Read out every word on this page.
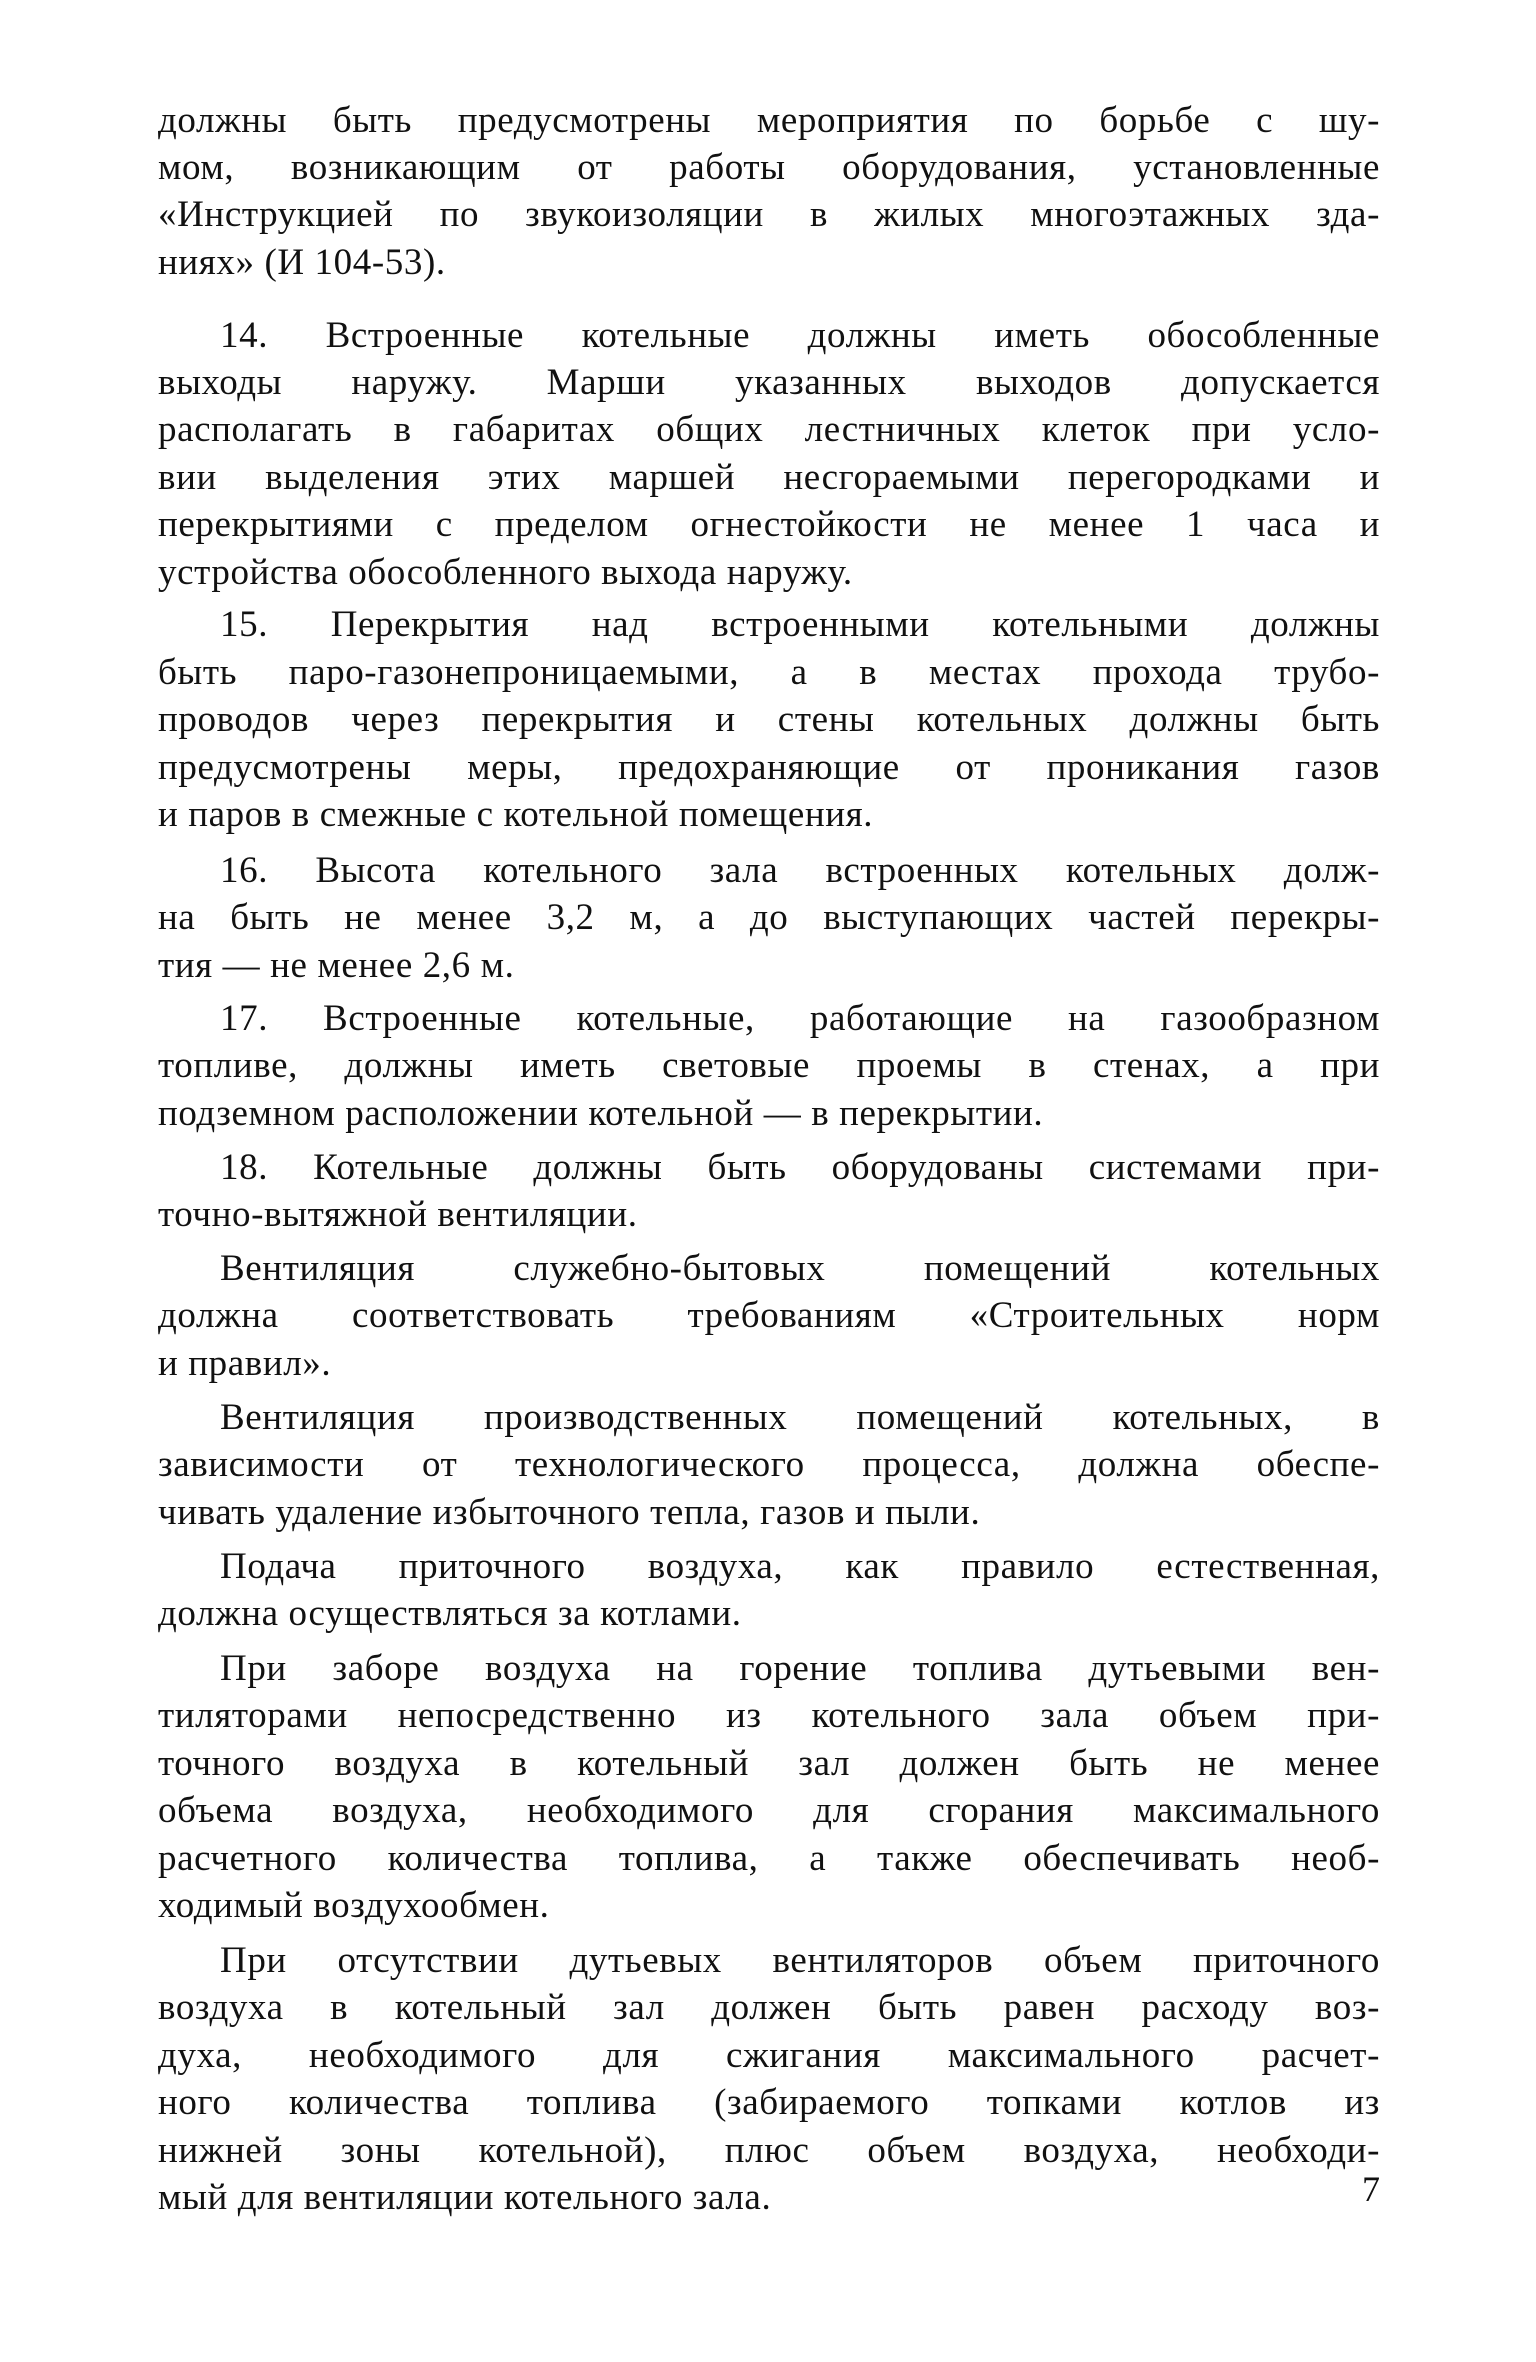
должны быть предусмотрены мероприятия по борьбе с шу-

мом, возникающим от работы оборудования, установленные

«Инструкцией по звукоизоляции в жилых многоэтажных зда-

ниях» (И 104-53).

14. Встроенные котельные должны иметь обособленные

выходы наружу. Марши указанных выходов допускается

располагать в габаритах общих лестничных клеток при усло-

вии выделения этих маршей несгораемыми перегородками и

перекрытиями с пределом огнестойкости не менее 1 часа и

устройства обособленного выхода наружу.

15. Перекрытия над встроенными котельными должны

быть паро-газонепроницаемыми, а в местах прохода трубо-

проводов через перекрытия и стены котельных должны быть

предусмотрены меры, предохраняющие от проникания газов

и паров в смежные с котельной помещения.

16. Высота котельного зала встроенных котельных долж-

на быть не менее 3,2 м, а до выступающих частей перекры-

тия — не менее 2,6 м.

17. Встроенные котельные, работающие на газообразном

топливе, должны иметь световые проемы в стенах, а при

подземном расположении котельной — в перекрытии.

18. Котельные должны быть оборудованы системами при-

точно-вытяжной вентиляции.

Вентиляция служебно-бытовых помещений котельных

должна соответствовать требованиям «Строительных норм

и правил».

Вентиляция производственных помещений котельных, в

зависимости от технологического процесса, должна обеспе-

чивать удаление избыточного тепла, газов и пыли.

Подача приточного воздуха, как правило естественная,

должна осуществляться за котлами.

При заборе воздуха на горение топлива дутьевыми вен-

тиляторами непосредственно из котельного зала объем при-

точного воздуха в котельный зал должен быть не менее

объема воздуха, необходимого для сгорания максимального

расчетного количества топлива, а также обеспечивать необ-

ходимый воздухообмен.

При отсутствии дутьевых вентиляторов объем приточного

воздуха в котельный зал должен быть равен расходу воз-

духа, необходимого для сжигания максимального расчет-

ного количества топлива (забираемого топками котлов из

нижней зоны котельной), плюс объем воздуха, необходи-

мый для вентиляции котельного зала.	7
